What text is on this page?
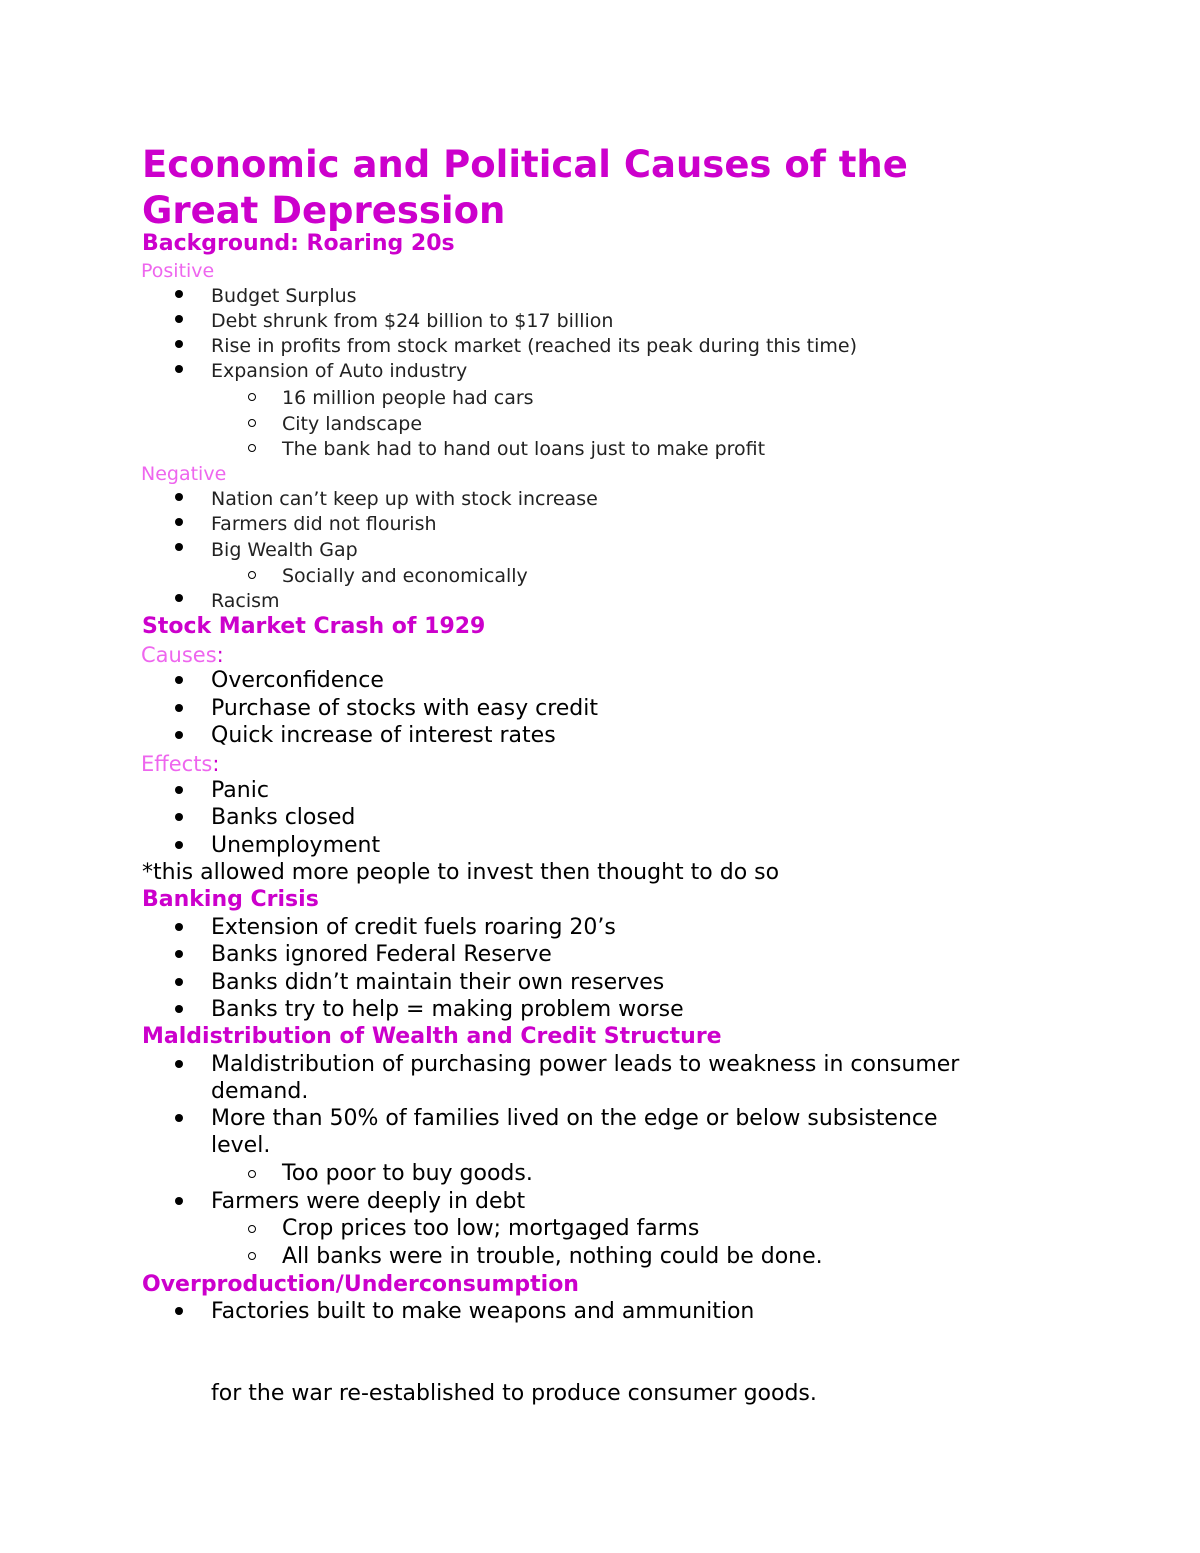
Economic and Political Causes of the
Great Depression
Background: Roaring 20s
Positive
Budget Surplus
Debt shrunk from $24 billion to $17 billion
Rise in profits from stock market (reached its peak during this time)
Expansion of Auto industry
16 million people had cars
City landscape
The bank had to hand out loans just to make profit
Negative
Nation can’t keep up with stock increase
Farmers did not flourish
Big Wealth Gap
Socially and economically
Racism
Stock Market Crash of 1929
Causes:
Overconfidence
Purchase of stocks with easy credit
Quick increase of interest rates
Effects:
Panic
Banks closed
Unemployment
*this allowed more people to invest then thought to do so
Banking Crisis
Extension of credit fuels roaring 20’s
Banks ignored Federal Reserve
Banks didn’t maintain their own reserves
Banks try to help = making problem worse
Maldistribution of Wealth and Credit Structure
Maldistribution of purchasing power leads to weakness in consumer
demand.
More than 50% of families lived on the edge or below subsistence
level.
Too poor to buy goods.
Farmers were deeply in debt
Crop prices too low; mortgaged farms
All banks were in trouble, nothing could be done.
Overproduction/Underconsumption
Factories built to make weapons and ammunition
for the war re-established to produce consumer goods.
